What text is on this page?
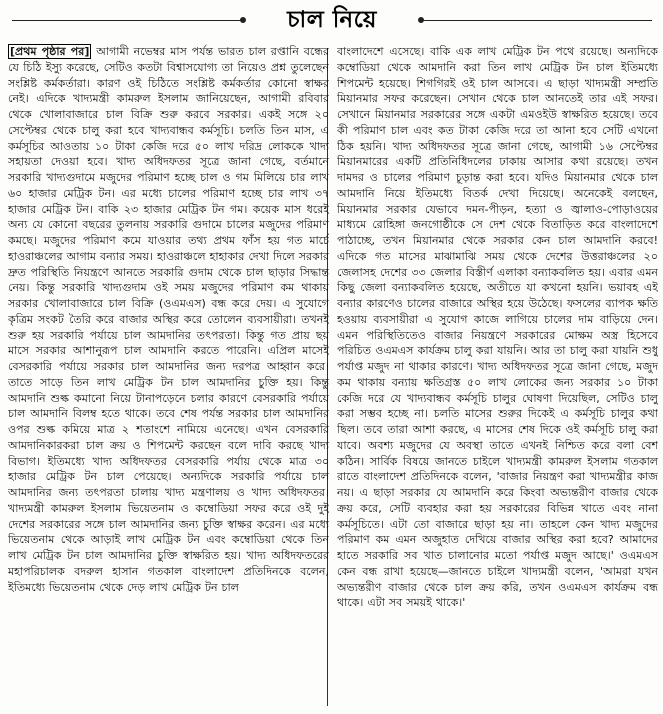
চাল নিয়ে

[প্রথম পৃষ্ঠার পর] আগামী নভেম্বর মাস পর্যন্ত ভারত চাল রপ্তানি বন্ধের যে চিঠি ইস্যু করেছে, সেটিও কতটা বিশ্বাসযোগ্য তা নিয়েও প্রশ্ন তুলেছেন সংশ্লিষ্ট কর্মকর্তারা। কারণ ওই চিঠিতে সংশ্লিষ্ট কর্মকর্তার কোনো স্বাক্ষর নেই। এদিকে খাদ্যমন্ত্রী কামরুল ইসলাম জানিয়েছেন, আগামী রবিবার থেকে খোলাবাজারে চাল বিক্রি শুরু করবে সরকার। একই সঙ্গে ২০ সেপ্টেম্বর থেকে চালু করা হবে খাদ্যবান্ধব কর্মসূচি। চলতি তিন মাস, এ কর্মসূচির আওতায় ১০ টাকা কেজি দরে ৫০ লাখ দরিদ্র লোককে খাদ্য সহায়তা দেওয়া হবে। খাদ্য অধিদফতর সূত্রে জানা গেছে, বর্তমানে সরকারি খাদ্যগুদামে মজুদের পরিমাণ হচ্ছে চাল ও গম মিলিয়ে চার লাখ ৬০ হাজার মেট্রিক টন। এর মধ্যে চালের পরিমাণ হচ্ছে চার লাখ ৩৭ হাজার মেট্রিক টন। বাকি ২৩ হাজার মেট্রিক টন গম। কয়েক মাস ধরেই অন্য যে কোনো বছরের তুলনায় সরকারি গুদামে চালের মজুদের পরিমাণ কমছে। মজুদের পরিমাণ কমে যাওয়ার তথ্য প্রথম ফাঁস হয় গত মার্চে হাওরাঞ্চলের আগাম বন্যার সময়। হাওরাঞ্চলে হাহাকার দেখা দিলে সরকার দ্রুত পরিস্থিতি নিয়ন্ত্রণে আনতে সরকারি গুদাম থেকে চাল ছাড়ার সিদ্ধান্ত নেয়। কিন্তু সরকারি খাদ্যগুদাম ওই সময় মজুদের পরিমাণ কম থাকায় সরকার খোলাবাজারে চাল বিক্রি (ওএমএস) বন্ধ করে দেয়। এ সুযোগে কৃত্রিম সংকট তৈরি করে বাজার অস্থির করে তোলেন ব্যবসায়ীরা। তখনই শুরু হয় সরকারি পর্যায়ে চাল আমদানির তৎপরতা। কিন্তু গত প্রায় ছয় মাসে সরকার আশানুরূপ চাল আমদানি করতে পারেনি। এপ্রিল মাসেই বেসরকারি পর্যায়ে সরকার চাল আমদানির জন্য দরপত্র আহ্বান করে। তাতে সাড়ে তিন লাখ মেট্রিক টন চাল আমদানির চুক্তি হয়। কিন্তু আমদানি শুল্ক কমানো নিয়ে টানাপড়েনে চলার কারণে বেসরকারি পর্যায়ে চাল আমদানি বিলম্ব হতে থাকে। তবে শেষ পর্যন্ত সরকার চাল আমদানির ওপর শুল্ক কমিয়ে মাত্র ২ শতাংশে নামিয়ে এনেছে। এখন বেসরকারি আমদানিকারকরা চাল ক্রয় ও শিপমেন্ট করছেন বলে দাবি করছে খাদ্য বিভাগ। ইতিমধ্যে খাদ্য অধিদফতর বেসরকারি পর্যায় থেকে মাত্র ৩০ হাজার মেট্রিক টন চাল পেয়েছে। অন্যদিকে সরকারি পর্যায়ে চাল আমদানির জন্য তৎপরতা চালায় খাদ্য মন্ত্রণালয় ও খাদ্য অধিদফতর। খাদ্যমন্ত্রী কামরুল ইসলাম ভিয়েতনাম ও কম্বোডিয়া সফর করে ওই দুই দেশের সরকারের সঙ্গে চাল আমদানির জন্য চুক্তি স্বাক্ষর করেন। এর মধ্যে ভিয়েতনাম থেকে আড়াই লাখ মেট্রিক টন এবং কম্বোডিয়া থেকে তিন লাখ মেট্রিক টন চাল আমদানির চুক্তি স্বাক্ষরিত হয়। খাদ্য অধিদফতরের মহাপরিচালক বদরুল হাসান গতকাল বাংলাদেশ প্রতিদিনকে বলেন, ইতিমধ্যে ভিয়েতনাম থেকে দেড় লাখ মেট্রিক টন চাল

বাংলাদেশে এসেছে। বাকি এক লাখ মেট্রিক টন পথে রয়েছে। অন্যদিকে কম্বোডিয়া থেকে আমদানি করা তিন লাখ মেট্রিক টন চাল ইতিমধ্যে শিপমেন্ট হয়েছে। শিগগিরই ওই চাল আসবে। এ ছাড়া খাদ্যমন্ত্রী সম্প্রতি মিয়ানমার সফর করেছেন। সেখান থেকে চাল আনতেই তার এই সফর। সেখানে মিয়ানমার সরকারের সঙ্গে একটা এমওইউ স্বাক্ষরিত হয়েছে। তবে কী পরিমাণ চাল এবং কত টাকা কেজি দরে তা আনা হবে সেটি এখনো ঠিক হয়নি। খাদ্য অধিদফতর সূত্রে জানা গেছে, আগামী ১৬ সেপ্টেম্বর মিয়ানমারের একটি প্রতিনিধিদলের ঢাকায় আসার কথা রয়েছে। তখন দামদর ও চালের পরিমাণ চূড়ান্ত করা হবে। যদিও মিয়ানমার থেকে চাল আমদানি নিয়ে ইতিমধ্যে বিতর্ক দেখা দিয়েছে। অনেকেই বলছেন, মিয়ানমার সরকার যেভাবে দমন-পীড়ন, হত্যা ও জ্বালাও-পোড়াওয়ের মাধ্যমে রোহিঙ্গা জনগোষ্ঠীকে সে দেশ থেকে বিতাড়িত করে বাংলাদেশে পাঠাচ্ছে, তখন মিয়ানমার থেকে সরকার কেন চাল আমদানি করবে! এদিকে গত মাসের মাঝামাঝি সময় থেকে দেশের উত্তরাঞ্চলের ২০ জেলাসহ দেশের ৩৩ জেলার বিস্তীর্ণ এলাকা বন্যাকবলিত হয়। এবার এমন কিছু জেলা বন্যাকবলিত হয়েছে, অতীতে যা কখনো হয়নি। ভয়াবহ এই বন্যার কারণেও চালের বাজারে অস্থির হয়ে উঠেছে। ফসলের ব্যাপক ক্ষতি হওয়ায় ব্যবসায়ীরা এ সুযোগ কাজে লাগিয়ে চালের দাম বাড়িয়ে দেন। এমন পরিস্থিতিতেও বাজার নিয়ন্ত্রণে সরকারের মোক্ষম অস্ত্র হিসেবে পরিচিত ওএমএস কার্যক্রম চালু করা যায়নি। আর তা চালু করা যায়নি শুধু পর্যাপ্ত মজুদ না থাকার কারণে। খাদ্য অধিদফতর সূত্রে জানা গেছে, মজুদ কম থাকায় বন্যায় ক্ষতিগ্রস্ত ৫০ লাখ লোকের জন্য সরকার ১০ টাকা কেজি দরে যে খাদ্যবান্ধব কর্মসূচি চালুর ঘোষণা দিয়েছিল, সেটিও চালু করা সম্ভব হচ্ছে না। চলতি মাসের শুরুর দিকেই এ কর্মসূচি চালুর কথা ছিল। তবে তারা আশা করছে, এ মাসের শেষ দিকে ওই কর্মসূচি চালু করা যাবে। অবশ্য মজুদের যে অবস্থা তাতে এখনই নিশ্চিত করে বলা বেশ কঠিন। সার্বিক বিষয়ে জানতে চাইলে খাদ্যমন্ত্রী কামরুল ইসলাম গতকাল রাতে বাংলাদেশ প্রতিদিনকে বলেন, 'বাজার নিয়ন্ত্রণ করা খাদ্যমন্ত্রীর কাজ নয়। এ ছাড়া সরকার যে আমদানি করে কিংবা অভ্যন্তরীণ বাজার থেকে ক্রয় করে, সেটি ব্যবহার করা হয় সরকারের বিভিন্ন খাতে এবং নানা কর্মসূচিতে। এটা তো বাজারে ছাড়া হয় না। তাহলে কেন খাদ্য মজুদের পরিমাণ কম এমন অজুহাত দেখিয়ে বাজার অস্থির করা হবে? আমাদের হাতে সরকারি সব খাত চালানোর মতো পর্যাপ্ত মজুদ আছে।' ওএমএস কেন বন্ধ রাখা হয়েছে—জানতে চাইলে খাদ্যমন্ত্রী বলেন, 'আমরা যখন অভ্যন্তরীণ বাজার থেকে চাল ক্রয় করি, তখন ওএমএস কার্যক্রম বন্ধ থাকে। এটা সব সময়ই থাকে।'
